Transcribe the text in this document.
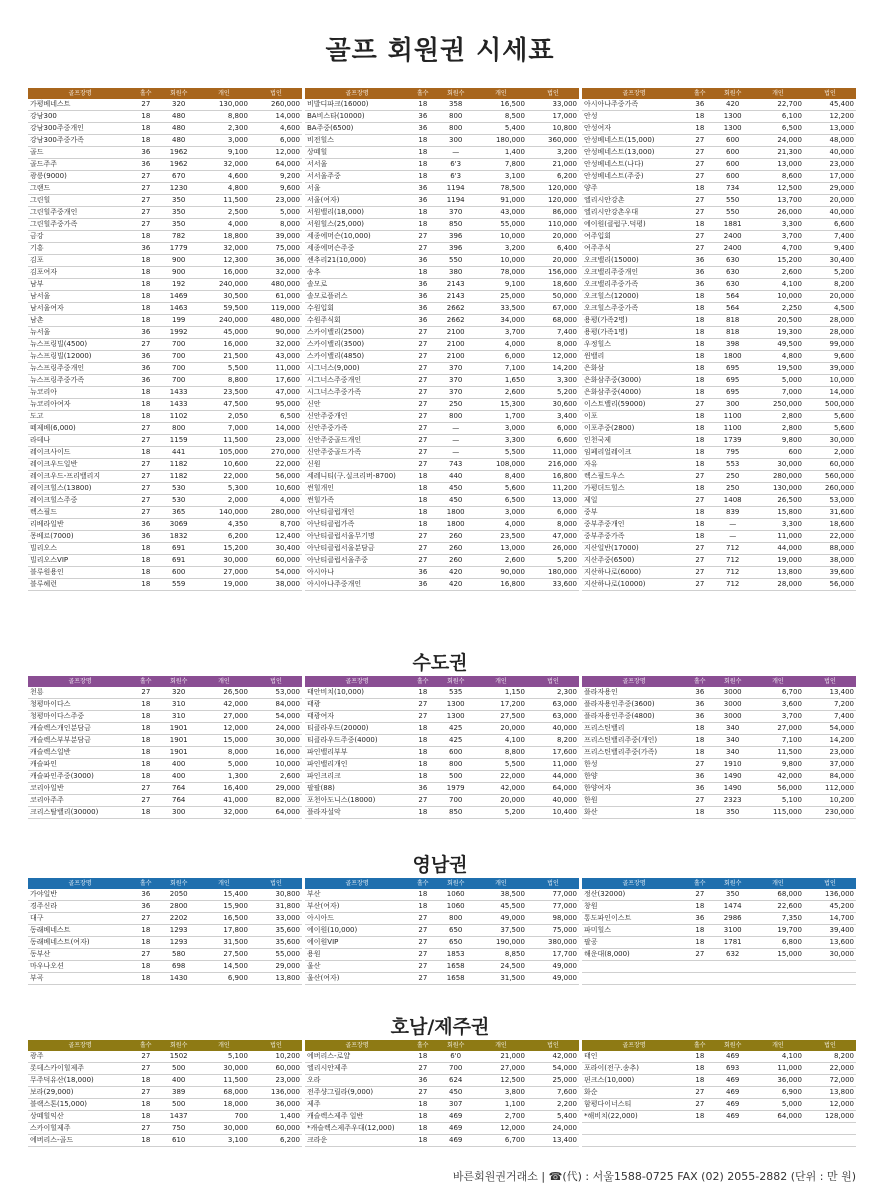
골프 회원권 시세표
골프장명	홀수	회원수	개인	법인
가평베네스트	27	320	130,000	260,000
강남300	18	480	8,800	14,000
강남300주중개인	18	480	2,300	4,600
강남300주중가족	18	480	3,000	6,000
골드	36	1962	9,100	12,000
골드주주	36	1962	32,000	64,000
광릉(9000)	27	670	4,600	9,200
그랜드	27	1230	4,800	9,600
그린힐	27	350	11,500	23,000
그린힐주중개인	27	350	2,500	5,000
그린힐주중가족	27	350	4,000	8,000
금강	18	782	18,800	39,000
기흥	36	1779	32,000	75,000
김포	18	900	12,300	36,000
김포여자	18	900	16,000	32,000
남부	18	192	240,000	480,000
남서울	18	1469	30,500	61,000
남서울여자	18	1463	59,500	119,000
남촌	18	199	240,000	480,000
뉴서울	36	1992	45,000	90,000
뉴스프링빌(4500)	27	700	16,000	32,000
뉴스프링빌(12000)	36	700	21,500	43,000
뉴스프링주중개인	36	700	5,500	11,000
뉴스프링주중가족	36	700	8,800	17,600
뉴코리아	18	1433	23,500	47,000
뉴코리아여자	18	1433	47,500	95,000
도고	18	1102	2,050	6,500
떼제베(6,000)	27	800	7,000	14,000
라데나	27	1159	11,500	23,000
레이크사이드	18	441	105,000	270,000
레이크우드일반	27	1182	10,600	22,000
레이크우드-프리밸리지	27	1182	22,000	56,000
레이크힐스(13800)	27	530	5,300	10,600
레이크힐스주중	27	530	2,000	4,000
렉스필드	27	365	140,000	280,000
리베라일반	36	3069	4,350	8,700
몽베르(7000)	36	1832	6,200	12,400
빌리오스	18	691	15,200	30,400
빌리오스VIP	18	691	30,000	60,000
블루원용인	18	600	27,000	54,000
블루헤런	18	559	19,000	38,000
골프장명	홀수	회원수	개인	법인
비발디파크(16000)	18	358	16,500	33,000
BA비스타(10000)	36	800	8,500	17,000
BA주중(6500)	36	800	5,400	10,800
비전힐스	18	300	180,000	360,000
상떼힐	18	—	1,400	3,200
서서울	18	6'3	7,800	21,000
서서울주중	18	6'3	3,100	6,200
서울	36	1194	78,500	120,000
서울(여자)	36	1194	91,000	120,000
서원밸리(18,000)	18	370	43,000	86,000
서원힐스(25,000)	18	850	55,000	110,000
세종에머슨(10,000)	27	396	10,000	20,000
세종에머슨주중	27	396	3,200	6,400
센추리21(10,000)	36	550	10,000	20,000
송추	18	380	78,000	156,000
솔모로	36	2143	9,100	18,600
솔모로플러스	36	2143	25,000	50,000
수원입회	36	2662	33,500	67,000
수원주식회	36	2662	34,000	68,000
스카이밸리(2500)	27	2100	3,700	7,400
스카이밸리(3500)	27	2100	4,000	8,000
스카이밸리(4850)	27	2100	6,000	12,000
시그너스(9,000)	27	370	7,100	14,200
시그너스주중개인	27	370	1,650	3,300
시그너스주중가족	27	370	2,600	5,200
신안	27	250	15,300	30,600
신안주중개인	27	800	1,700	3,400
신안주중가족	27	—	3,000	6,000
신안주중골드개인	27	—	3,300	6,600
신안주중골드가족	27	—	5,500	11,000
신원	27	743	108,000	216,000
세레니티(구.실크리버-8700)	18	440	8,400	16,800
썬힐개인	18	450	5,600	11,200
썬힐가족	18	450	6,500	13,000
아난티클럽개인	18	1800	3,000	6,000
아난티클럽가족	18	1800	4,000	8,000
아난티클럽서울무기명	27	260	23,500	47,000
아난티클럽서울분담금	27	260	13,000	26,000
아난티클럽서울주중	27	260	2,600	5,200
아시아나	36	420	90,000	180,000
아시아나주중개인	36	420	16,800	33,600
골프장명	홀수	회원수	개인	법인
아시아나주중가족	36	420	22,700	45,400
안성	18	1300	6,100	12,200
안성여자	18	1300	6,500	13,000
안성베네스트(15,000)	27	600	24,000	48,000
안성베네스트(13,000)	27	600	21,300	40,000
안성베네스트(나다)	27	600	13,000	23,000
안성베네스트(주중)	27	600	8,600	17,000
양주	18	734	12,500	29,000
엘리시안강촌	27	550	13,700	20,000
엘리시안강촌우대	27	550	26,000	40,000
에이원(클럽구.덕평)	18	1881	3,300	6,600
여주입회	27	2400	3,700	7,400
여주주식	27	2400	4,700	9,400
오크밸리(15000)	36	630	15,200	30,400
오크밸리주중개인	36	630	2,600	5,200
오크밸리주중가족	36	630	4,100	8,200
오크힐스(12000)	18	564	10,000	20,000
오크힐스주중가족	18	564	2,250	4,500
용평(가족2명)	18	818	20,500	28,000
용평(가족1명)	18	818	19,300	28,000
우정힐스	18	398	49,500	99,000
윈밸리	18	1800	4,800	9,600
은화삼	18	695	19,500	39,000
은화삼주중(3000)	18	695	5,000	10,000
은화삼주중(4000)	18	695	7,000	14,000
이스트밸리(59000)	27	300	250,000	500,000
이포	18	1100	2,800	5,600
이포주중(2800)	18	1100	2,800	5,600
인천국제	18	1739	9,800	30,000
임페리얼레이크	18	795	600	2,000
자유	18	553	30,000	60,000
렉스필드우스	27	250	280,000	560,000
가평더드힐스	18	250	130,000	260,000
제일	27	1408	26,500	53,000
중부	18	839	15,800	31,600
중부주중개인	18	—	3,300	18,600
중부주중가족	18	—	11,000	22,000
지산일반(17000)	27	712	44,000	88,000
지산주중(6500)	27	712	19,000	38,000
지산하나로(6000)	27	712	13,800	39,600
지산하나로(10000)	27	712	28,000	56,000
수도권
골프장명	홀수	회원수	개인	법인
천룡	27	320	26,500	53,000
청평마이다스	18	310	42,000	84,000
청평마이다스주중	18	310	27,000	54,000
캐슬렉스개인분담금	18	1901	12,000	24,000
캐슬렉스부부분담금	18	1901	15,000	30,000
캐슬렉스일반	18	1901	8,000	16,000
캐슬파인	18	400	5,000	10,000
캐슬파인주중(3000)	18	400	1,300	2,600
코리아일반	27	764	16,400	29,000
코리아주주	27	764	41,000	82,000
크리스탈밸리(30000)	18	300	32,000	64,000
골프장명	홀수	회원수	개인	법인
태안비치(10,000)	18	535	1,150	2,300
태광	27	1300	17,200	63,000
태광여자	27	1300	27,500	63,000
티클라우드(20000)	18	425	20,000	40,000
티클라우드주중(4000)	18	425	4,100	8,200
파인밸리부부	18	600	8,800	17,600
파인밸리개인	18	800	5,500	11,000
파인크리크	18	500	22,000	44,000
팔팔(88)	36	1979	42,000	64,000
포천아도니스(18000)	27	700	20,000	40,000
플라자설악	18	850	5,200	10,400
골프장명	홀수	회원수	개인	법인
플라자용인	36	3000	6,700	13,400
플라자용인주중(3600)	36	3000	3,600	7,200
플라자용인주중(4800)	36	3000	3,700	7,400
프리스틴밸리	18	340	27,000	54,000
프리스틴밸리주중(개인)	18	340	7,100	14,200
프리스틴밸리주중(가족)	18	340	11,500	23,000
한성	27	1910	9,800	37,000
한양	36	1490	42,000	84,000
한양여자	36	1490	56,000	112,000
한원	27	2323	5,100	10,200
화산	18	350	115,000	230,000
영남권
골프장명	홀수	회원수	개인	법인
가야일반	36	2050	15,400	30,800
경주신라	36	2800	15,900	31,800
대구	27	2202	16,500	33,000
동래베네스트	18	1293	17,800	35,600
동래베네스트(여자)	18	1293	31,500	35,600
동부산	27	580	27,500	55,000
마우나오션	18	698	14,500	29,000
부곡	18	1430	6,900	13,800
골프장명	홀수	회원수	개인	법인
부산	18	1060	38,500	77,000
부산(여자)	18	1060	45,500	77,000
아시아드	27	800	49,000	98,000
에이원(10,000)	27	650	37,500	75,000
에이원VIP	27	650	190,000	380,000
용원	27	1853	8,850	17,700
울산	27	1658	24,500	49,000
울산(여자)	27	1658	31,500	49,000
골프장명	홀수	회원수	개인	법인
정산(32000)	27	350	68,000	136,000
창원	18	1474	22,600	45,200
통도파인이스트	36	2986	7,350	14,700
파미힐스	18	3100	19,700	39,400
팔공	18	1781	6,800	13,600
해운대(8,000)	27	632	15,000	30,000

호남/제주권
골프장명	홀수	회원수	개인	법인
광주	27	1502	5,100	10,200
롯데스카이힐제주	27	500	30,000	60,000
무주덕유산(18,000)	18	400	11,500	23,000
보라(29,000)	27	389	68,000	136,000
블랙스톤(15,000)	18	500	18,000	36,000
상떼힐익산	18	1437	700	1,400
스카이힐제주	27	750	30,000	60,000
에버리스-골드	18	610	3,100	6,200
골프장명	홀수	회원수	개인	법인
에버리스-로얄	18	6'0	21,000	42,000
엘리시안제주	27	700	27,000	54,000
오라	36	624	12,500	25,000
전주샹그릴라(9,000)	27	450	3,800	7,600
제주	18	307	1,100	2,200
캐슬렉스제주 일반	18	469	2,700	5,400
*캐슬렉스제주우대(12,000)	18	469	12,000	24,000
크라운	18	469	6,700	13,400
골프장명	홀수	회원수	개인	법인
태인	18	469	4,100	8,200
포라이(전구.송추)	18	693	11,000	22,000
핀크스(10,000)	18	469	36,000	72,000
화순	27	469	6,900	13,800
함평다이너스티	27	469	5,000	12,000
*해비치(22,000)	18	469	64,000	128,000

바른회원권거래소 | ☎(代) : 서울1588-0725 FAX (02) 2055-2882 (단위 : 만 원)
